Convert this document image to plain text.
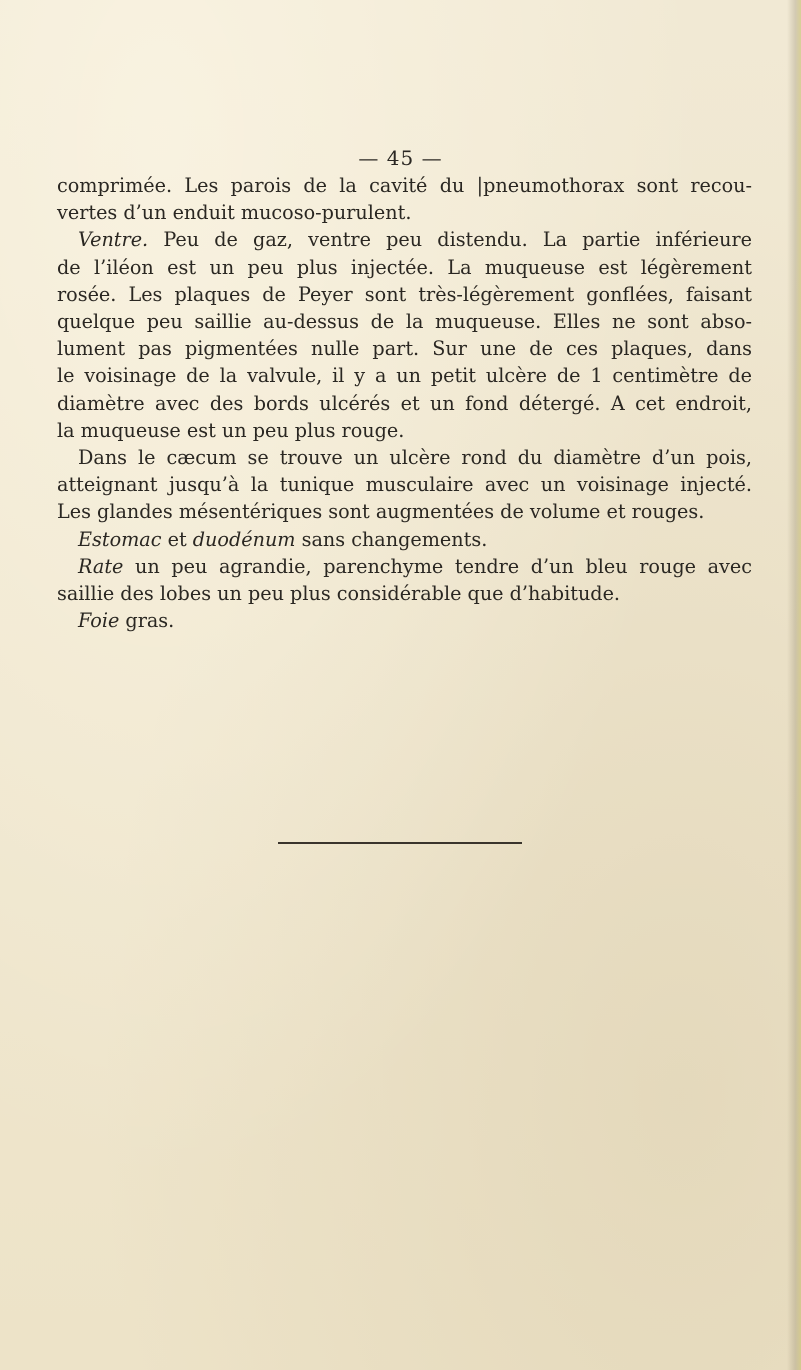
— 45 —
comprimée. Les parois de la cavité du |pneumothorax sont recou-
vertes d’un enduit mucoso-purulent.
Ventre. Peu de gaz, ventre peu distendu. La partie inférieure
de l’iléon est un peu plus injectée. La muqueuse est légèrement
rosée. Les plaques de Peyer sont très-légèrement gonflées, faisant
quelque peu saillie au-dessus de la muqueuse. Elles ne sont abso-
lument pas pigmentées nulle part. Sur une de ces plaques, dans
le voisinage de la valvule, il y a un petit ulcère de 1 centimètre de
diamètre avec des bords ulcérés et un fond détergé. A cet endroit,
la muqueuse est un peu plus rouge.
Dans le cæcum se trouve un ulcère rond du diamètre d’un pois,
atteignant jusqu’à la tunique musculaire avec un voisinage injecté.
Les glandes mésentériques sont augmentées de volume et rouges.
Estomac et duodénum sans changements.
Rate un peu agrandie, parenchyme tendre d’un bleu rouge avec
saillie des lobes un peu plus considérable que d’habitude.
Foie gras.
